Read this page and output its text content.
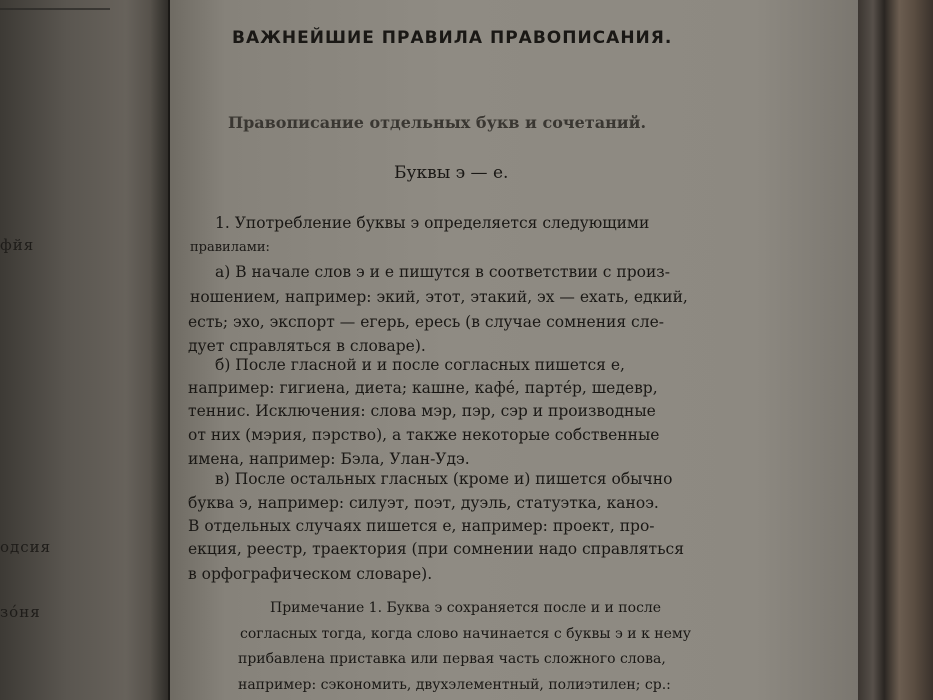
фйя
одсия
зóня
ВАЖНЕЙШИЕ ПРАВИЛА ПРАВОПИСАНИЯ.
Правописание отдельных букв и сочетаний.
Буквы э — е.
1. Употребление буквы э определяется следующими
правилами:
а) В начале слов э и е пишутся в соответствии с произ-
ношением, например: экий, этот, этакий, эх — ехать, едкий,
есть; эхо, экспорт — егерь, ересь (в случае сомнения сле-
дует справляться в словаре).
б) После гласной и и после согласных пишется е,
например: гигиена, диета; кашне, кафé, партéр, шедевр,
теннис. Исключения: слова мэр, пэр, сэр и производные
от них (мэрия, пэрство), а также некоторые собственные
имена, например: Бэла, Улан-Удэ.
в) После остальных гласных (кроме и) пишется обычно
буква э, например: силуэт, поэт, дуэль, статуэтка, каноэ.
В отдельных случаях пишется е, например: проект, про-
екция, реестр, траектория (при сомнении надо справляться
в орфографическом словаре).
Примечание 1. Буква э сохраняется после и и после
согласных тогда, когда слово начинается с буквы э и к нему
прибавлена приставка или первая часть сложного слова,
например: сэкономить, двухэлементный, полиэтилен; ср.:
